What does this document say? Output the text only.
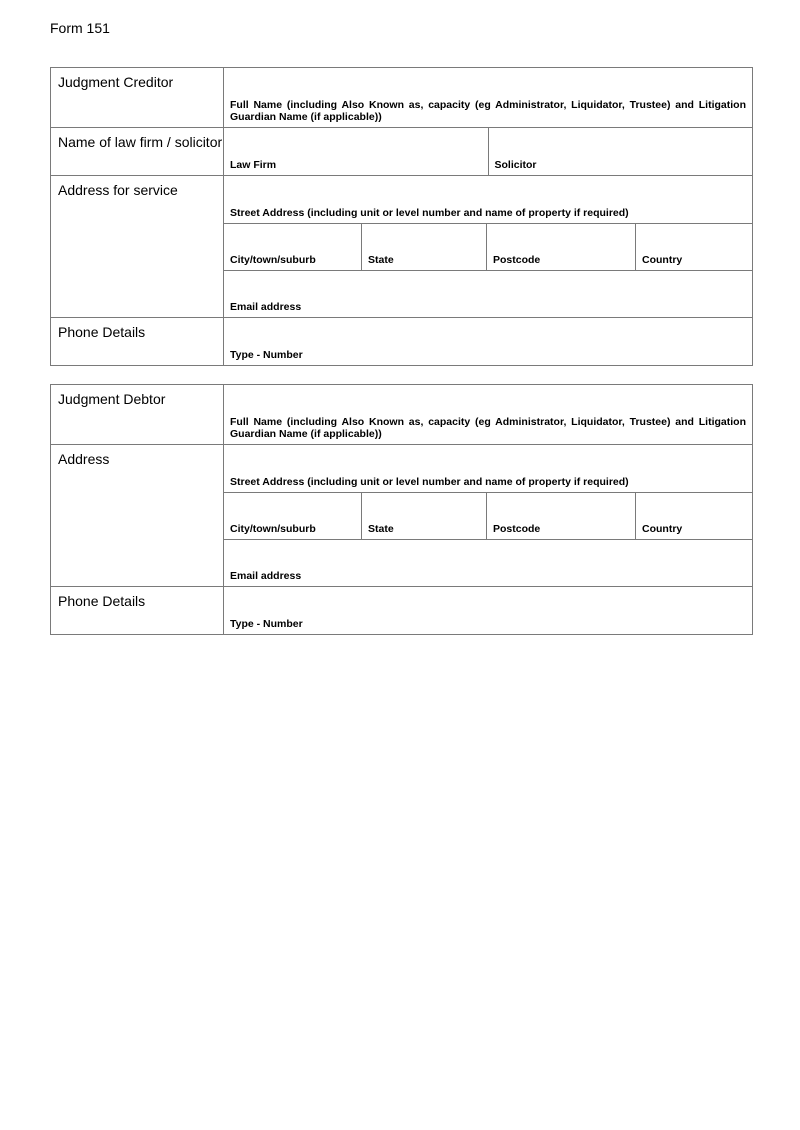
Form 151
Judgment Creditor
Full Name (including Also Known as, capacity (eg Administrator, Liquidator, Trustee) and Litigation Guardian Name (if applicable))
Name of law firm / solicitor
Law Firm	Solicitor
Address for service
Street Address (including unit or level number and name of property if required)
City/town/suburb	State	Postcode	Country
Email address
Phone Details
Type - Number
Judgment Debtor
Full Name (including Also Known as, capacity (eg Administrator, Liquidator, Trustee) and Litigation Guardian Name (if applicable))
Address
Street Address (including unit or level number and name of property if required)
City/town/suburb	State	Postcode	Country
Email address
Phone Details
Type - Number
